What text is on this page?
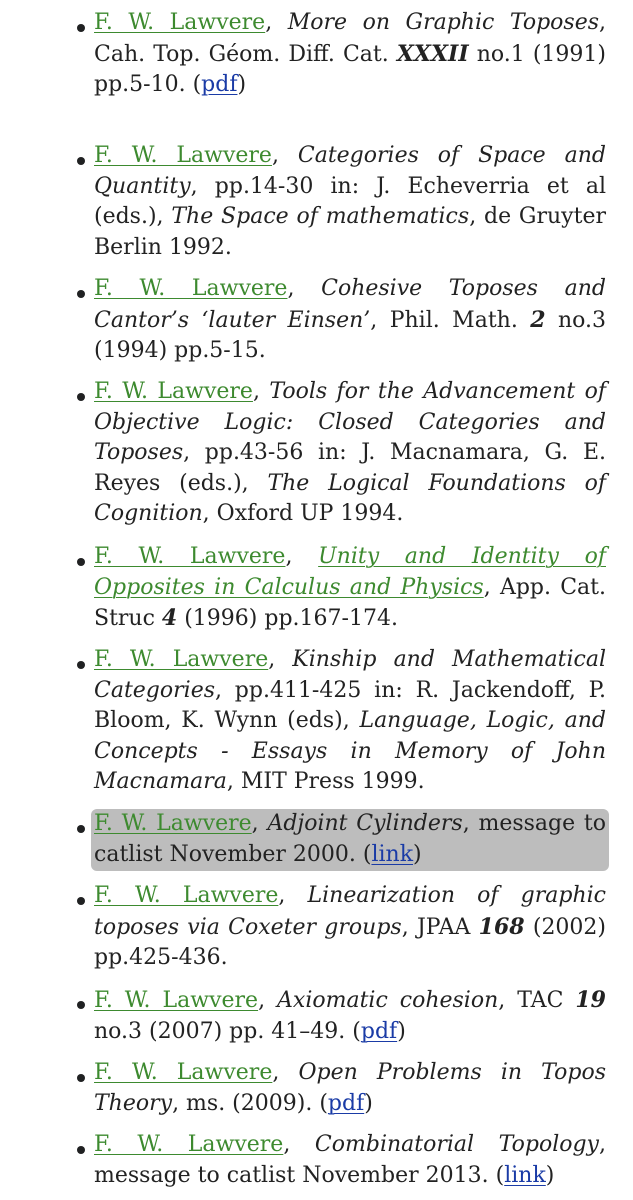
F. W. Lawvere, More on Graphic Toposes, Cah. Top. Géom. Diff. Cat. XXXII no.1 (1991) pp.5-10. (pdf)
F. W. Lawvere, Categories of Space and Quantity, pp.14-30 in: J. Echeverria et al (eds.), The Space of mathematics, de Gruyter Berlin 1992.
F. W. Lawvere, Cohesive Toposes and Cantor’s ‘lauter Einsen’, Phil. Math. 2 no.3 (1994) pp.5-15.
F. W. Lawvere, Tools for the Advancement of Objective Logic: Closed Categories and Toposes, pp.43-56 in: J. Macnamara, G. E. Reyes (eds.), The Logical Foundations of Cognition, Oxford UP 1994.
F. W. Lawvere, Unity and Identity of Opposites in Calculus and Physics, App. Cat. Struc 4 (1996) pp.167-174.
F. W. Lawvere, Kinship and Mathematical Categories, pp.411-425 in: R. Jackendoff, P. Bloom, K. Wynn (eds), Language, Logic, and Concepts - Essays in Memory of John Macnamara, MIT Press 1999.
F. W. Lawvere, Adjoint Cylinders, message to catlist November 2000. (link)
F. W. Lawvere, Linearization of graphic toposes via Coxeter groups, JPAA 168 (2002) pp.425-436.
F. W. Lawvere, Axiomatic cohesion, TAC 19 no.3 (2007) pp. 41–49. (pdf)
F. W. Lawvere, Open Problems in Topos Theory, ms. (2009). (pdf)
F. W. Lawvere, Combinatorial Topology, message to catlist November 2013. (link)
